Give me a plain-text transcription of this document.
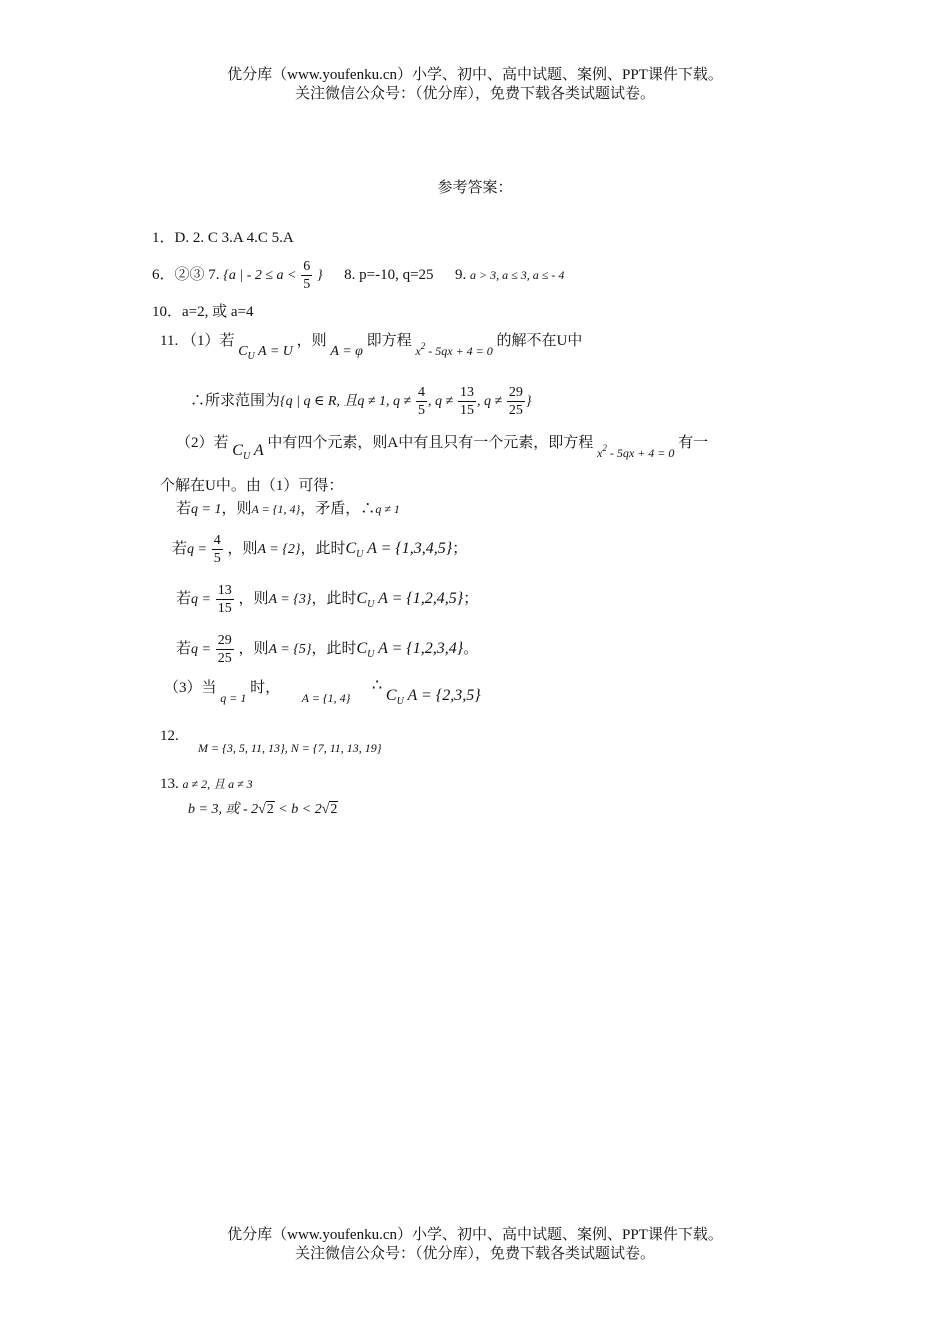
优分库（www.youfenku.cn）小学、初中、高中试题、案例、PPT课件下载。
关注微信公众号：（优分库），免费下载各类试题试卷。
参考答案：
1．D. 2. C 3.A 4.C 5.A
6．②③ 7. {a | - $2 \le a < \frac{6}{5}$ } 8. p=-10, q=25 9. a > 3, a ≤ 3, a ≤ - 4
10．a=2, 或 a=4
11. （1）若 $C_U$ A = U ，则 A = φ 即方程 $_{x^2 - 5qx + 4 = 0}$ 的解不在U中
∴所求范围为{q | q ∈ R, 且q ≠ 1, $q \ne \frac{4}{5}$ , $q \ne \frac{13}{15}$ , $q \ne \frac{29}{25}$ }
（2）若 $C_U$ A 中有四个元素，则A中有且只有一个元素，即方程 $_{x^2 - 5qx + 4 = 0}$ 有一
个解在U中。由（1）可得：
若q = 1，则A = {1, 4}，矛盾，∴q ≠ 1
若$q = \frac{4}{5}$ ，则A = {2}，此时$C_U$ A = {1,3,4,5}；
若$q = \frac{13}{15}$ ，则A = {3}，此时$C_U$ A = {1,2,4,5}；
若$q = \frac{29}{25}$ ，则A = {5}，此时$C_U$ A = {1,2,3,4}。
（3）当 $_{q = 1}$ 时，  $_{A = \{1, 4\}}$  ∴ $C_U$ A = {2,3,5}
12.
M = {3, 5, 11, 13}, N = {7, 11, 13, 19}
13. a ≠ 2, 且 a ≠ 3
b = 3, 或 - 2√2 < b < 2√2
优分库（www.youfenku.cn）小学、初中、高中试题、案例、PPT课件下载。
关注微信公众号：（优分库），免费下载各类试题试卷。
